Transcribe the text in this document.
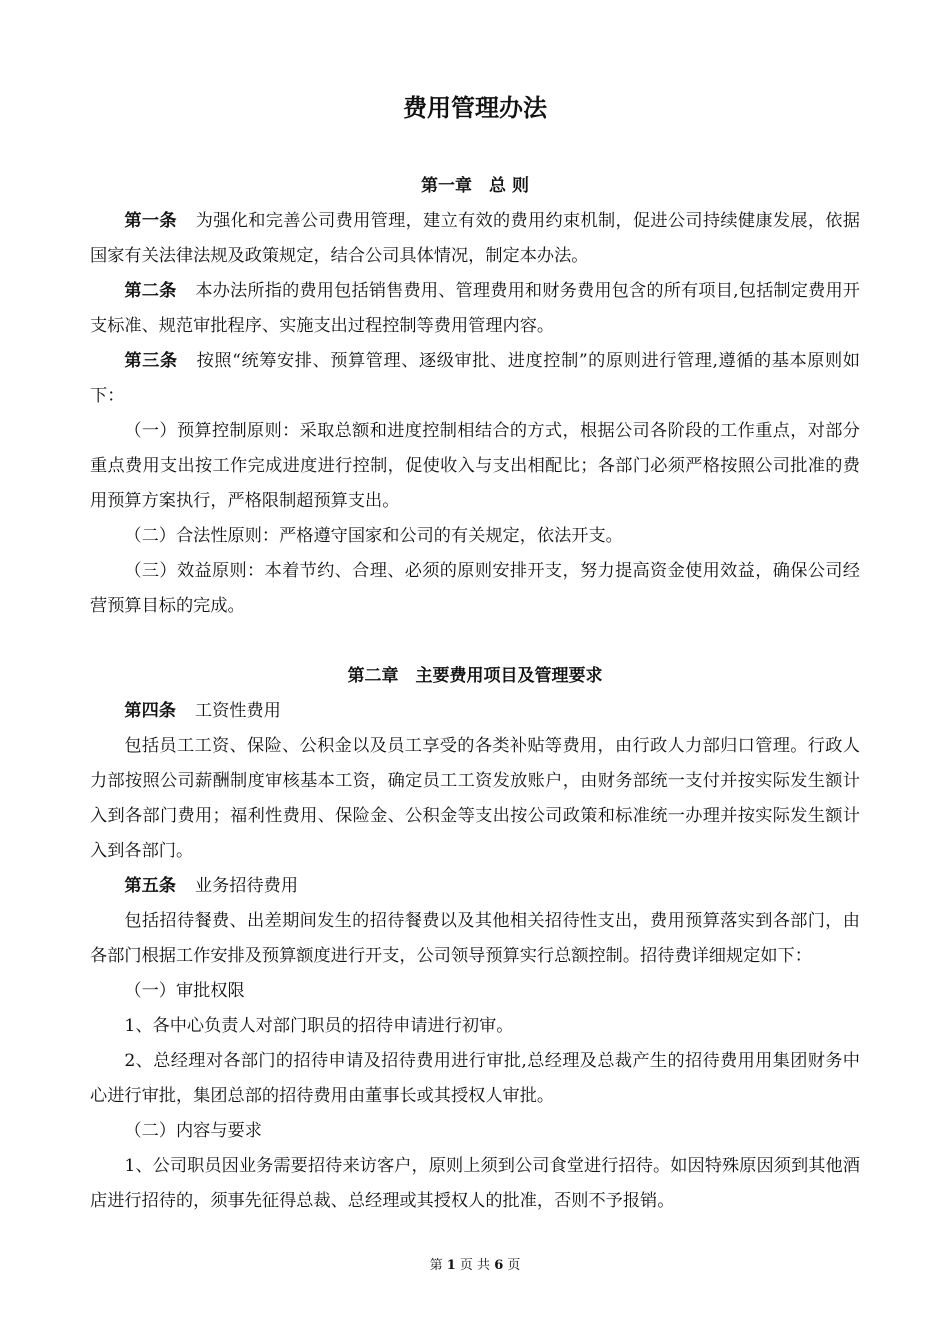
费用管理办法
第一章　总 则

第一条 为强化和完善公司费用管理，建立有效的费用约束机制，促进公司持续健康发展，依据国家有关法律法规及政策规定，结合公司具体情况，制定本办法。

第二条 本办法所指的费用包括销售费用、管理费用和财务费用包含的所有项目,包括制定费用开支标准、规范审批程序、实施支出过程控制等费用管理内容。

第三条 按照“统筹安排、预算管理、逐级审批、进度控制”的原则进行管理,遵循的基本原则如下：

（一）预算控制原则：采取总额和进度控制相结合的方式，根据公司各阶段的工作重点，对部分重点费用支出按工作完成进度进行控制，促使收入与支出相配比；各部门必须严格按照公司批准的费用预算方案执行，严格限制超预算支出。

（二）合法性原则：严格遵守国家和公司的有关规定，依法开支。

（三）效益原则：本着节约、合理、必须的原则安排开支，努力提高资金使用效益，确保公司经营预算目标的完成。

第二章　主要费用项目及管理要求

第四条 工资性费用

包括员工工资、保险、公积金以及员工享受的各类补贴等费用，由行政人力部归口管理。行政人力部按照公司薪酬制度审核基本工资，确定员工工资发放账户，由财务部统一支付并按实际发生额计入到各部门费用；福利性费用、保险金、公积金等支出按公司政策和标准统一办理并按实际发生额计入到各部门。

第五条 业务招待费用

包括招待餐费、出差期间发生的招待餐费以及其他相关招待性支出，费用预算落实到各部门，由各部门根据工作安排及预算额度进行开支，公司领导预算实行总额控制。招待费详细规定如下：

（一）审批权限

1、各中心负责人对部门职员的招待申请进行初审。

2、总经理对各部门的招待申请及招待费用进行审批,总经理及总裁产生的招待费用用集团财务中心进行审批，集团总部的招待费用由董事长或其授权人审批。

（二）内容与要求

1、公司职员因业务需要招待来访客户，原则上须到公司食堂进行招待。如因特殊原因须到其他酒店进行招待的，须事先征得总裁、总经理或其授权人的批准，否则不予报销。

第 1 页 共 6 页
